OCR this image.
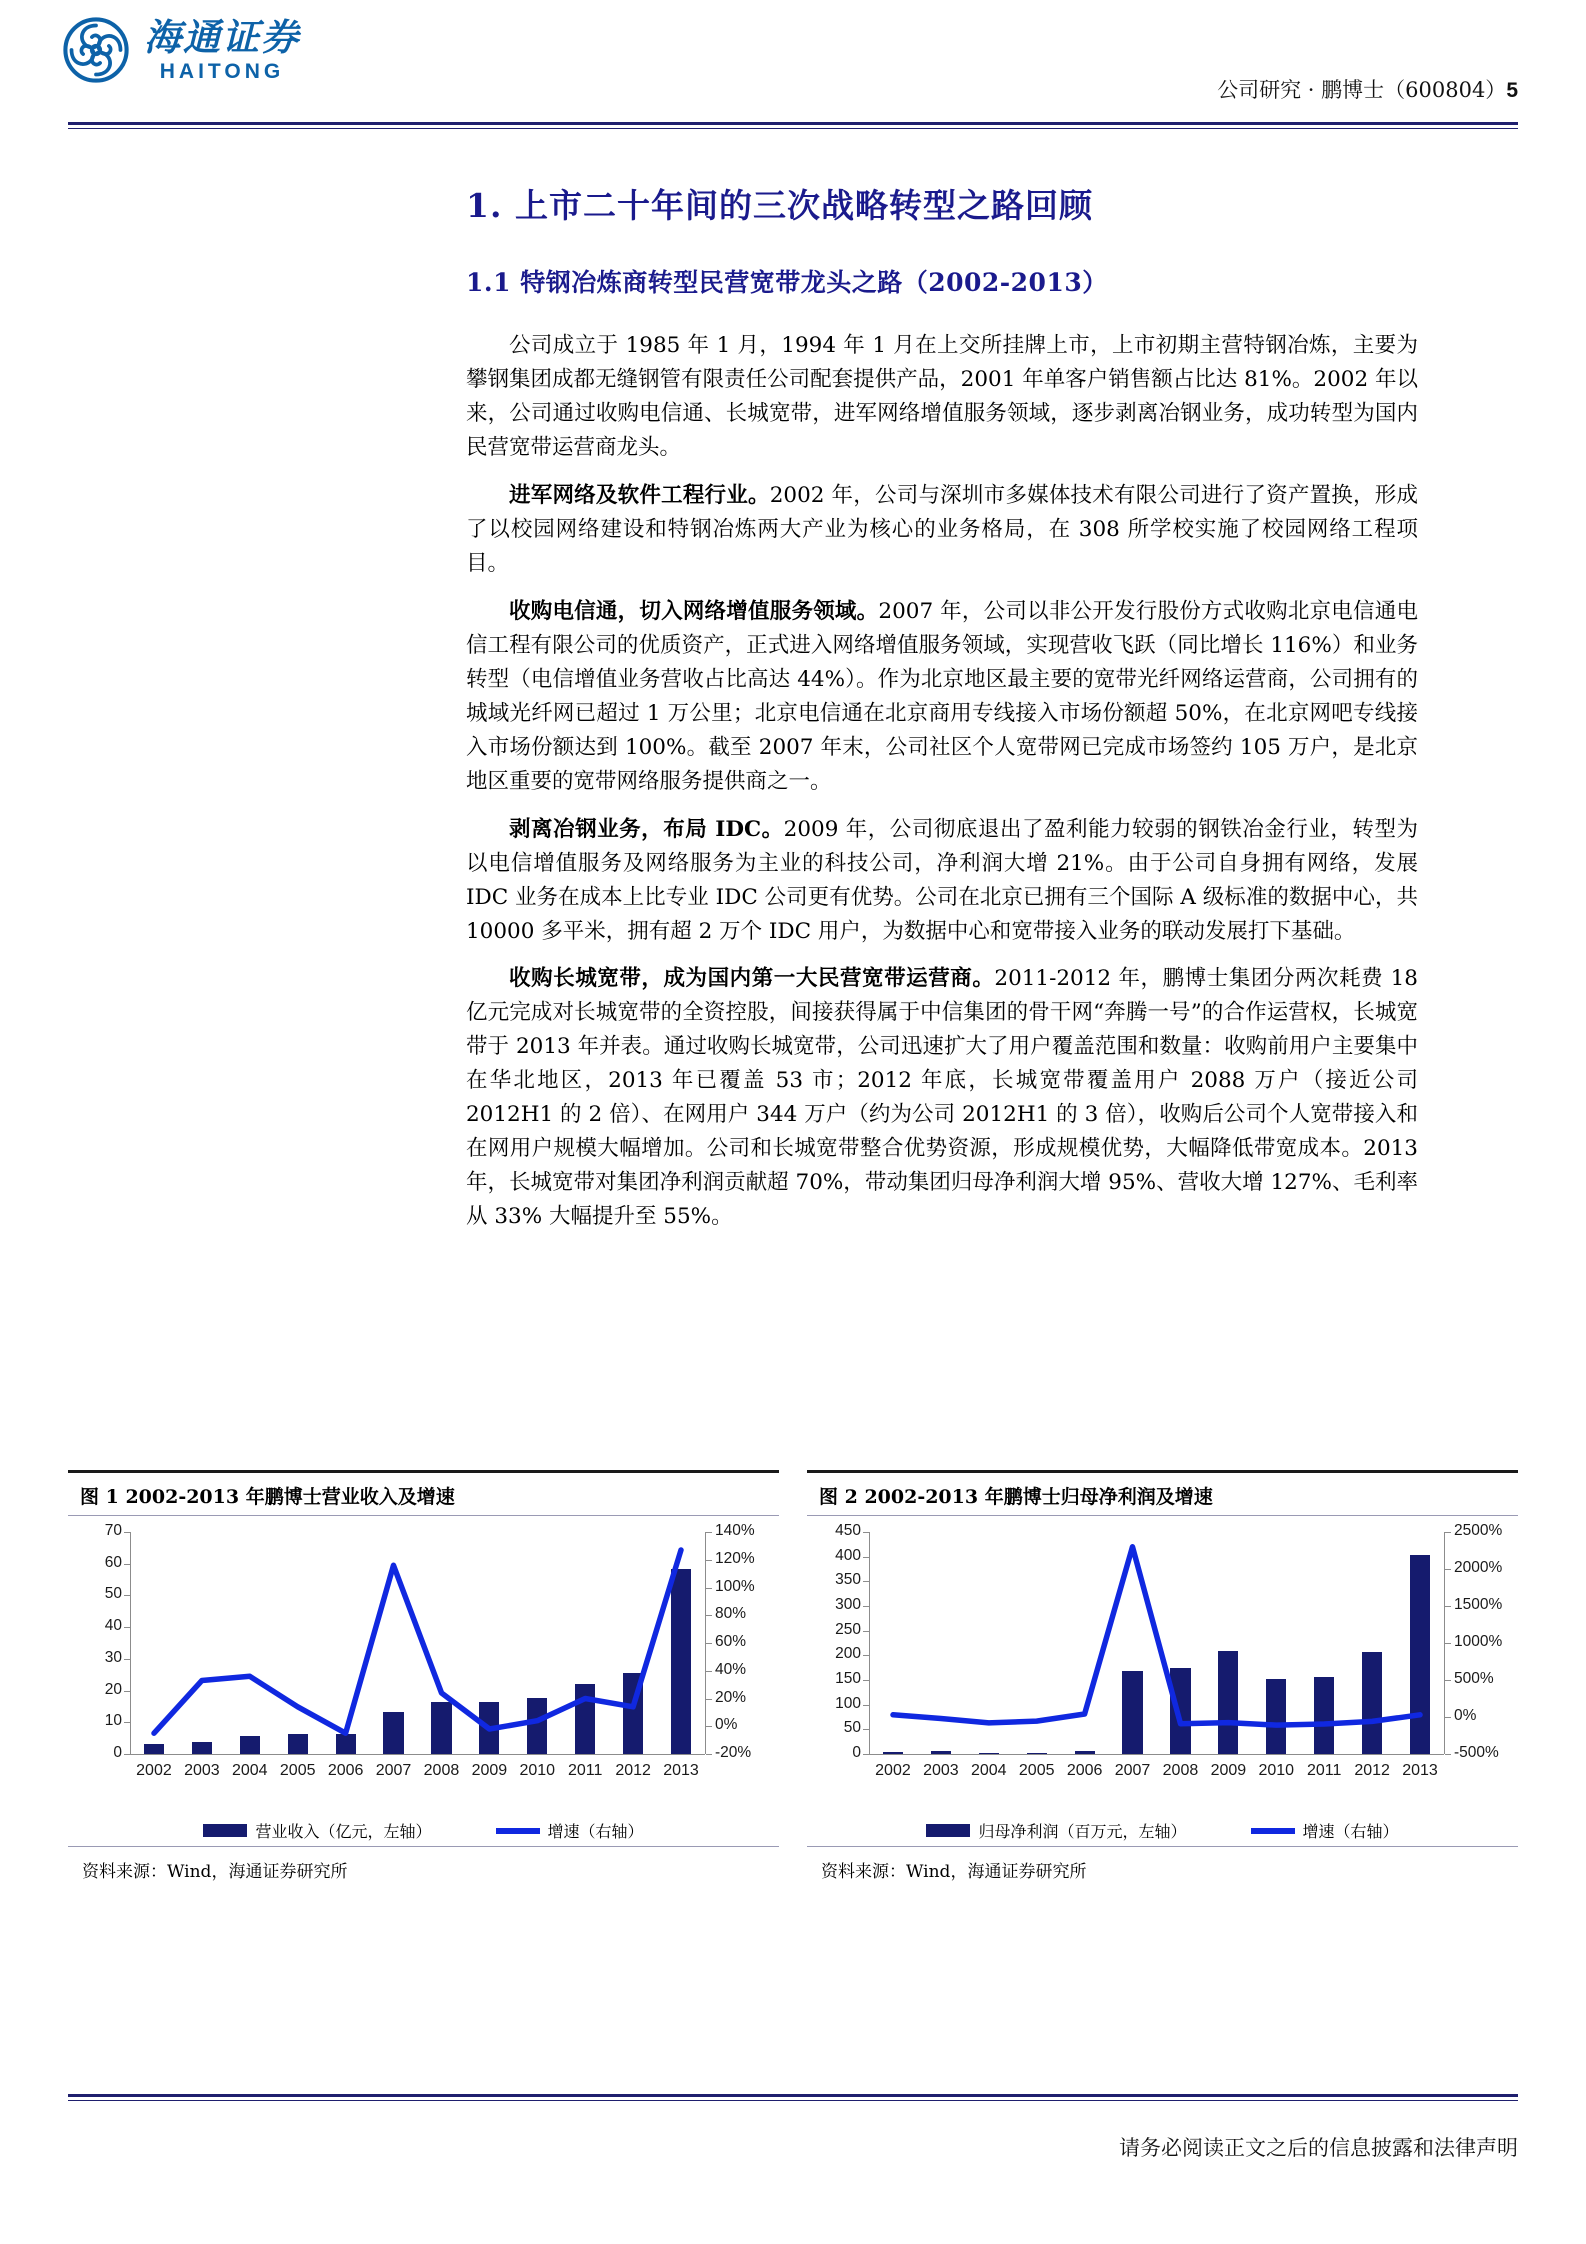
海通证券
HAITONG
公司研究 · 鹏博士（600804）5
1. 上市二十年间的三次战略转型之路回顾
1.1 特钢冶炼商转型民营宽带龙头之路（2002-2013）

公司成立于 1985 年 1 月，1994 年 1 月在上交所挂牌上市，上市初期主营特钢冶炼，主要为攀钢集团成都无缝钢管有限责任公司配套提供产品，2001 年单客户销售额占比达 81%。2002 年以来，公司通过收购电信通、长城宽带，进军网络增值服务领域，逐步剥离冶钢业务，成功转型为国内民营宽带运营商龙头。

进军网络及软件工程行业。2002 年，公司与深圳市多媒体技术有限公司进行了资产置换，形成了以校园网络建设和特钢冶炼两大产业为核心的业务格局，在 308 所学校实施了校园网络工程项目。

收购电信通，切入网络增值服务领域。2007 年，公司以非公开发行股份方式收购北京电信通电信工程有限公司的优质资产，正式进入网络增值服务领域，实现营收飞跃（同比增长 116%）和业务转型（电信增值业务营收占比高达 44%）。作为北京地区最主要的宽带光纤网络运营商，公司拥有的城域光纤网已超过 1 万公里；北京电信通在北京商用专线接入市场份额超 50%，在北京网吧专线接入市场份额达到 100%。截至 2007 年末，公司社区个人宽带网已完成市场签约 105 万户，是北京地区重要的宽带网络服务提供商之一。

剥离冶钢业务，布局 IDC。2009 年，公司彻底退出了盈利能力较弱的钢铁冶金行业，转型为以电信增值服务及网络服务为主业的科技公司，净利润大增 21%。由于公司自身拥有网络，发展 IDC 业务在成本上比专业 IDC 公司更有优势。公司在北京已拥有三个国际 A 级标准的数据中心，共 10000 多平米，拥有超 2 万个 IDC 用户，为数据中心和宽带接入业务的联动发展打下基础。

收购长城宽带，成为国内第一大民营宽带运营商。2011-2012 年，鹏博士集团分两次耗费 18 亿元完成对长城宽带的全资控股，间接获得属于中信集团的骨干网“奔腾一号”的合作运营权，长城宽带于 2013 年并表。通过收购长城宽带，公司迅速扩大了用户覆盖范围和数量：收购前用户主要集中在华北地区，2013 年已覆盖 53 市；2012 年底，长城宽带覆盖用户 2088 万户（接近公司 2012H1 的 2 倍）、在网用户 344 万户（约为公司 2012H1 的 3 倍），收购后公司个人宽带接入和在网用户规模大幅增加。公司和长城宽带整合优势资源，形成规模优势，大幅降低带宽成本。2013 年，长城宽带对集团净利润贡献超 70%，带动集团归母净利润大增 95%、营收大增 127%、毛利率从 33% 大幅提升至 55%。

图 1 2002-2013 年鹏博士营业收入及增速
0
10
20
30
40
50
60
70
-20%
0%
20%
40%
60%
80%
100%
120%
140%
2002 2003 2004 2005 2006 2007 2008 2009 2010 2011 2012 2013
营业收入（亿元，左轴）	增速（右轴）
资料来源：Wind，海通证券研究所
图 2 2002-2013 年鹏博士归母净利润及增速
0
50
100
150
200
250
300
350
400
450
-500%
0%
500%
1000%
1500%
2000%
2500%
2002 2003 2004 2005 2006 2007 2008 2009 2010 2011 2012 2013
归母净利润（百万元，左轴）	增速（右轴）
资料来源：Wind，海通证券研究所
请务必阅读正文之后的信息披露和法律声明
